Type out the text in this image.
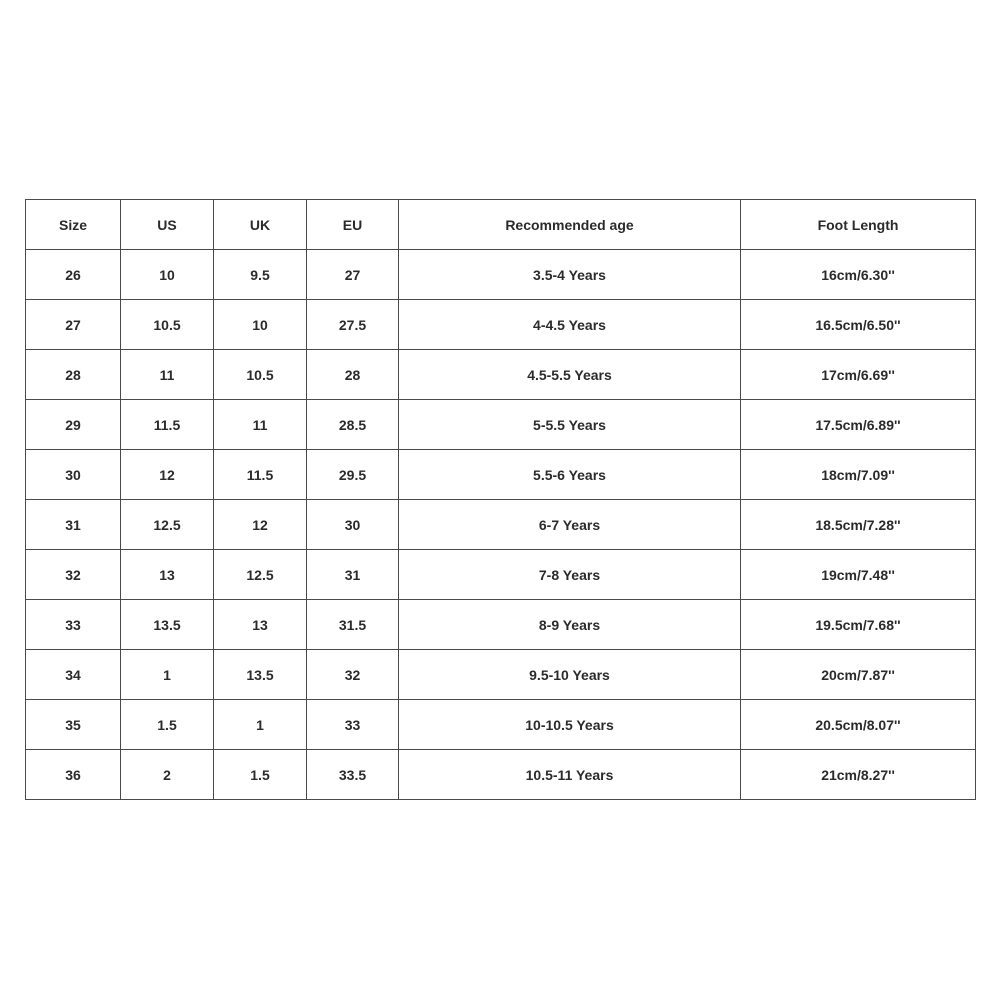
Size	US	UK	EU	Recommended age	Foot Length
26	10	9.5	27	3.5-4 Years	16cm/6.30''
27	10.5	10	27.5	4-4.5 Years	16.5cm/6.50''
28	11	10.5	28	4.5-5.5 Years	17cm/6.69''
29	11.5	11	28.5	5-5.5 Years	17.5cm/6.89''
30	12	11.5	29.5	5.5-6 Years	18cm/7.09''
31	12.5	12	30	6-7 Years	18.5cm/7.28''
32	13	12.5	31	7-8 Years	19cm/7.48''
33	13.5	13	31.5	8-9 Years	19.5cm/7.68''
34	1	13.5	32	9.5-10 Years	20cm/7.87''
35	1.5	1	33	10-10.5 Years	20.5cm/8.07''
36	2	1.5	33.5	10.5-11 Years	21cm/8.27''
